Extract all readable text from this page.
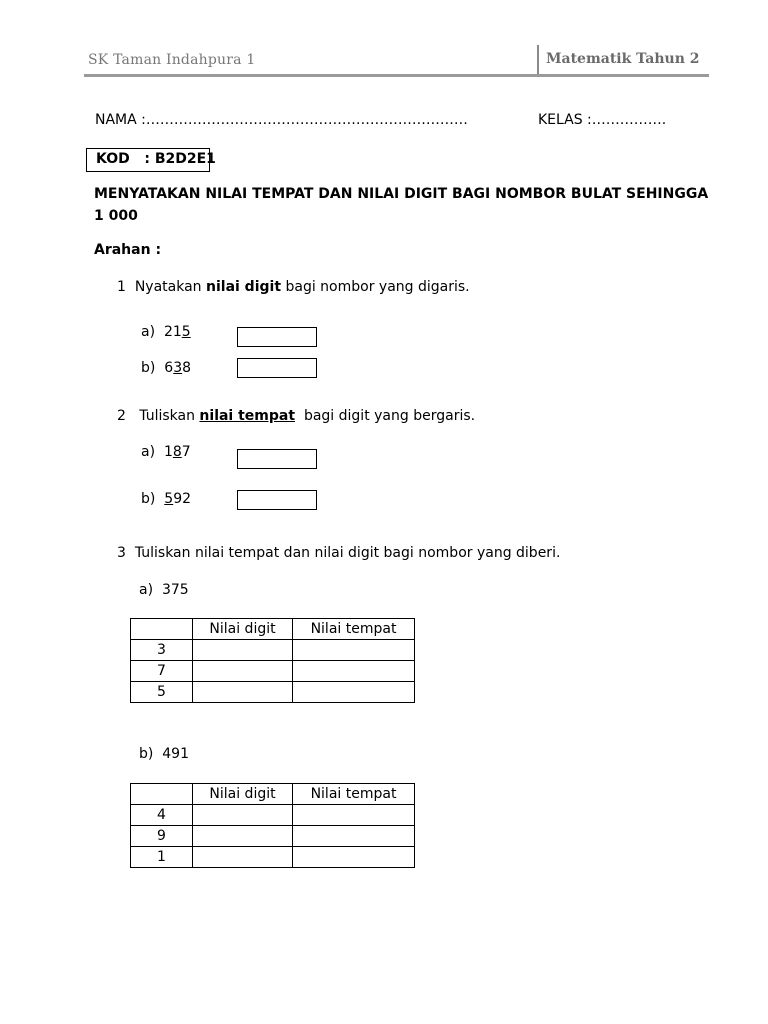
SK Taman Indahpura 1	Matematik Tahun 2
NAMA :……………………………………………………………	KELAS :…………….
KOD   : B2D2E1
MENYATAKAN NILAI TEMPAT DAN NILAI DIGIT BAGI NOMBOR BULAT SEHINGGA
1 000
Arahan :
1 Nyatakan nilai digit bagi nombor yang digaris.
a) 215
b) 638
2 Tuliskan nilai tempat bagi digit yang bergaris.
a) 187
b) 592
3 Tuliskan nilai tempat dan nilai digit bagi nombor yang diberi.
a) 375
	Nilai digit	Nilai tempat
3		
7		
5		
b) 491
	Nilai digit	Nilai tempat
4		
9		
1		
